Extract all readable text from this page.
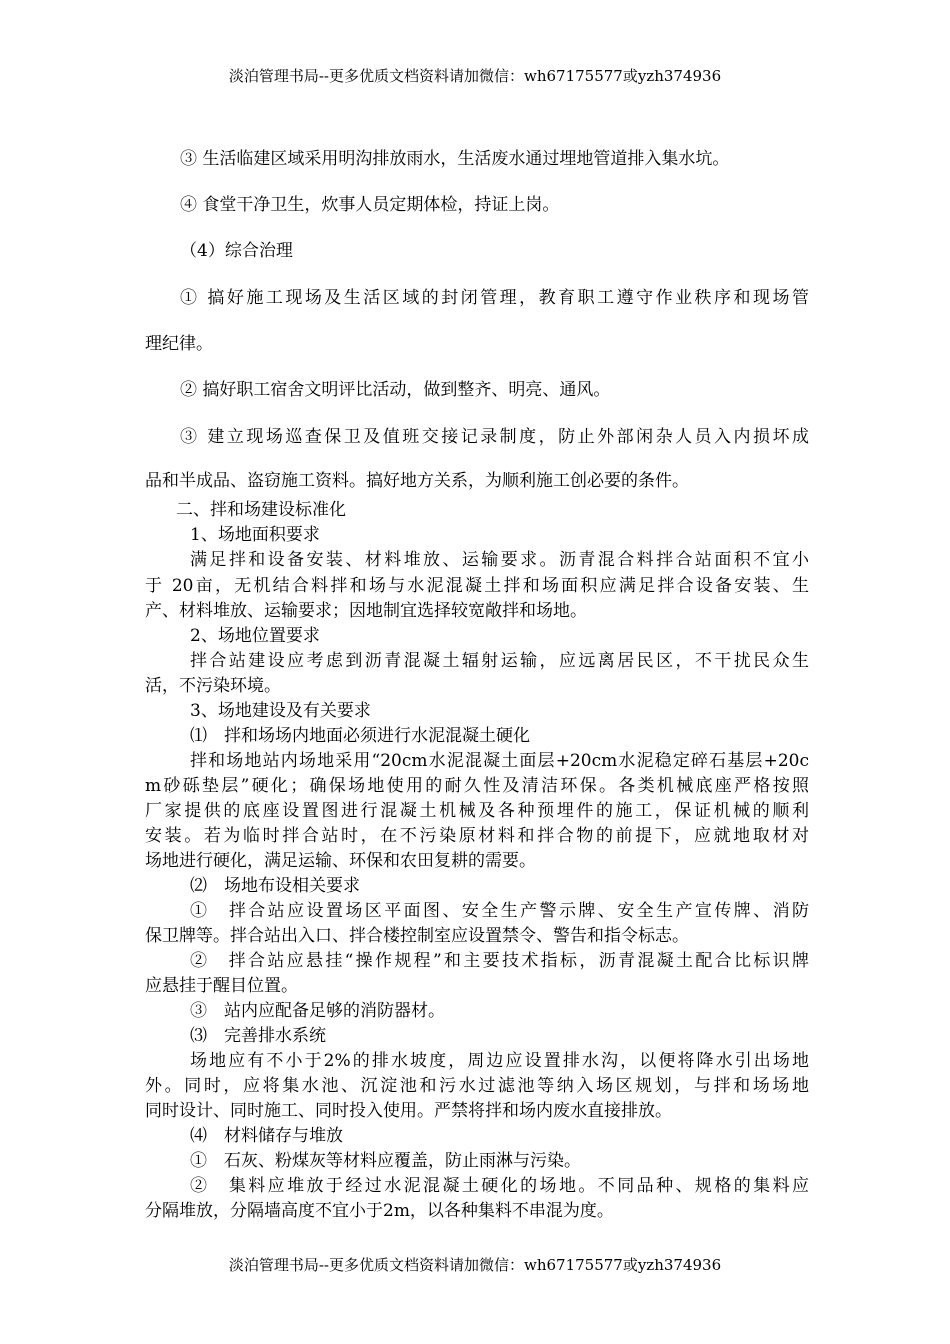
淡泊管理书局--更多优质文档资料请加微信：wh67175577或yzh374936
③ 生活临建区域采用明沟排放雨水，生活废水通过埋地管道排入集水坑。
④ 食堂干净卫生，炊事人员定期体检，持证上岗。
（4）综合治理
① 搞好施工现场及生活区域的封闭管理，教育职工遵守作业秩序和现场管
理纪律。
② 搞好职工宿舍文明评比活动，做到整齐、明亮、通风。
③ 建立现场巡查保卫及值班交接记录制度，防止外部闲杂人员入内损坏成
品和半成品、盗窃施工资料。搞好地方关系，为顺利施工创必要的条件。
二、拌和场建设标准化
1、场地面积要求
满足拌和设备安装、材料堆放、运输要求。沥青混合料拌合站面积不宜小
于 20亩，无机结合料拌和场与水泥混凝土拌和场面积应满足拌合设备安装、生
产、材料堆放、运输要求；因地制宜选择较宽敞拌和场地。
2、场地位置要求
拌合站建设应考虑到沥青混凝土辐射运输，应远离居民区，不干扰民众生
活，不污染环境。
3、场地建设及有关要求
⑴　拌和场场内地面必须进行水泥混凝土硬化
拌和场地站内场地采用“20cm水泥混凝土面层+20cm水泥稳定碎石基层+20c
m砂砾垫层”硬化；确保场地使用的耐久性及清洁环保。各类机械底座严格按照
厂家提供的底座设置图进行混凝土机械及各种预埋件的施工，保证机械的顺利
安装。若为临时拌合站时，在不污染原材料和拌合物的前提下，应就地取材对
场地进行硬化，满足运输、环保和农田复耕的需要。
⑵　场地布设相关要求
①　拌合站应设置场区平面图、安全生产警示牌、安全生产宣传牌、消防
保卫牌等。拌合站出入口、拌合楼控制室应设置禁令、警告和指令标志。
②　拌合站应悬挂“操作规程”和主要技术指标，沥青混凝土配合比标识牌
应悬挂于醒目位置。
③　站内应配备足够的消防器材。
⑶　完善排水系统
场地应有不小于2%的排水坡度，周边应设置排水沟，以便将降水引出场地
外。同时，应将集水池、沉淀池和污水过滤池等纳入场区规划，与拌和场场地
同时设计、同时施工、同时投入使用。严禁将拌和场内废水直接排放。
⑷　材料储存与堆放
①　石灰、粉煤灰等材料应覆盖，防止雨淋与污染。
②　集料应堆放于经过水泥混凝土硬化的场地。不同品种、规格的集料应
分隔堆放，分隔墙高度不宜小于2m，以各种集料不串混为度。
淡泊管理书局--更多优质文档资料请加微信：wh67175577或yzh374936
